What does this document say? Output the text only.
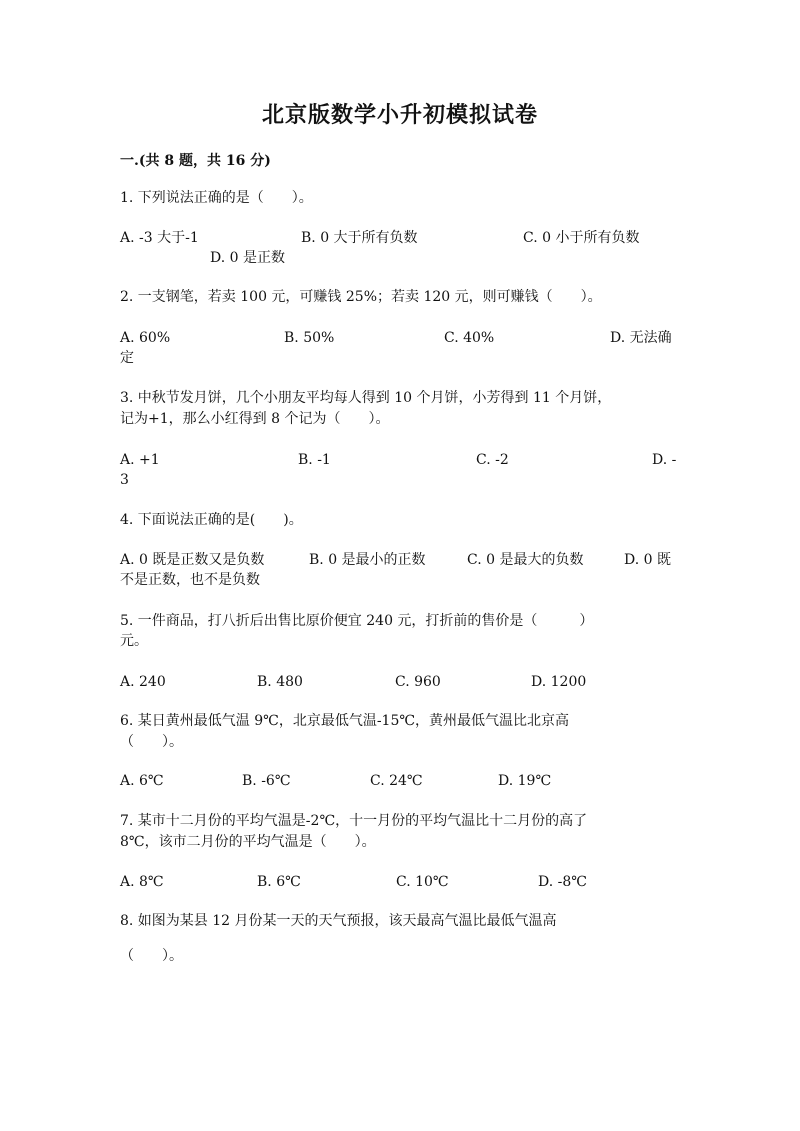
北京版数学小升初模拟试卷
一.(共 8 题，共 16 分)
1. 下列说法正确的是（　　）。
A. -3 大于-1	B. 0 大于所有负数	C. 0 小于所有负数
D. 0 是正数
2. 一支钢笔，若卖 100 元，可赚钱 25%；若卖 120 元，则可赚钱（　　）。
A. 60%	B. 50%	C. 40%	D. 无法确
定
3. 中秋节发月饼，几个小朋友平均每人得到 10 个月饼，小芳得到 11 个月饼，
记为+1，那么小红得到 8 个记为（　　）。
A. +1	B. -1	C. -2	D. -
3
4. 下面说法正确的是(　　)。
A. 0 既是正数又是负数	B. 0 是最小的正数	C. 0 是最大的负数	D. 0 既
不是正数，也不是负数
5. 一件商品，打八折后出售比原价便宜 240 元，打折前的售价是（　　　）
元。
A. 240	B. 480	C. 960	D. 1200
6. 某日黄州最低气温 9℃，北京最低气温-15℃，黄州最低气温比北京高
（　　）。
A. 6℃	B. -6℃	C. 24℃	D. 19℃
7. 某市十二月份的平均气温是-2℃，十一月份的平均气温比十二月份的高了
8℃，该市二月份的平均气温是（　　）。
A. 8℃	B. 6℃	C. 10℃	D. -8℃
8. 如图为某县 12 月份某一天的天气预报，该天最高气温比最低气温高
（　　）。
